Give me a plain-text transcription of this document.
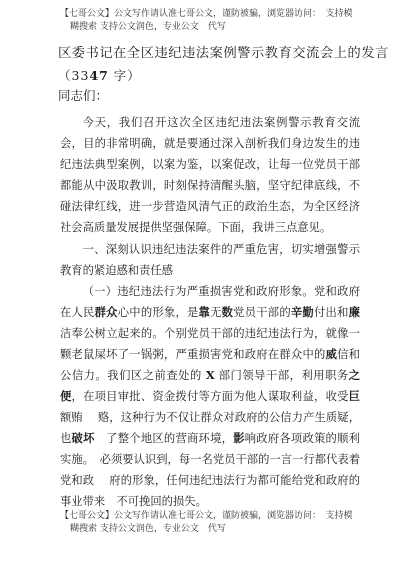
【七哥公文】公文写作请认准七哥公文，谨防被骗，浏览器访问：　支持模
糊搜索 支持公文润色，专业公文　代写
区委书记在全区违纪违法案例警示教育交流会上的发言
（3347 字）
同志们：

今天，我们召开这次全区违纪违法案例警示教育交流会，目的非常明确，就是要通过深入剖析我们身边发生的违纪违法典型案例，以案为鉴，以案促改，让每一位党员干部都能从中汲取教训，时刻保持清醒头脑，坚守纪律底线，不碰法律红线，进一步营造风清气正的政治生态，为全区经济社会高质量发展提供坚强保障。下面，我讲三点意见。

一、深刻认识违纪违法案件的严重危害，切实增强警示教育的紧迫感和责任感

（一）违纪违法行为严重损害党和政府形象。党和政府在人民群众心中的形象，是靠无数党员干部的辛勤付出和廉洁奉公树立起来的。个别党员干部的违纪违法行为，就像一颗老鼠屎坏了一锅粥，严重损害党和政府在群众中的威信和公信力。我们区之前查处的 X 部门领导干部，利用职务之便，在项目审批、资金拨付等方面为他人谋取利益，收受巨额贿　 赂，这种行为不仅让群众对政府的公信力产生质疑，也破坏　了整个地区的营商环境，影响政府各项政策的顺利实施。　必须要认识到，每一名党员干部的一言一行都代表着党和政　 府的形象，任何违纪违法行为都可能给党和政府的事业带来　不可挽回的损失。

【七哥公文】公文写作请认准七哥公文，谨防被骗，浏览器访问：　支持模
糊搜索 支持公文润色，专业公文　代写
